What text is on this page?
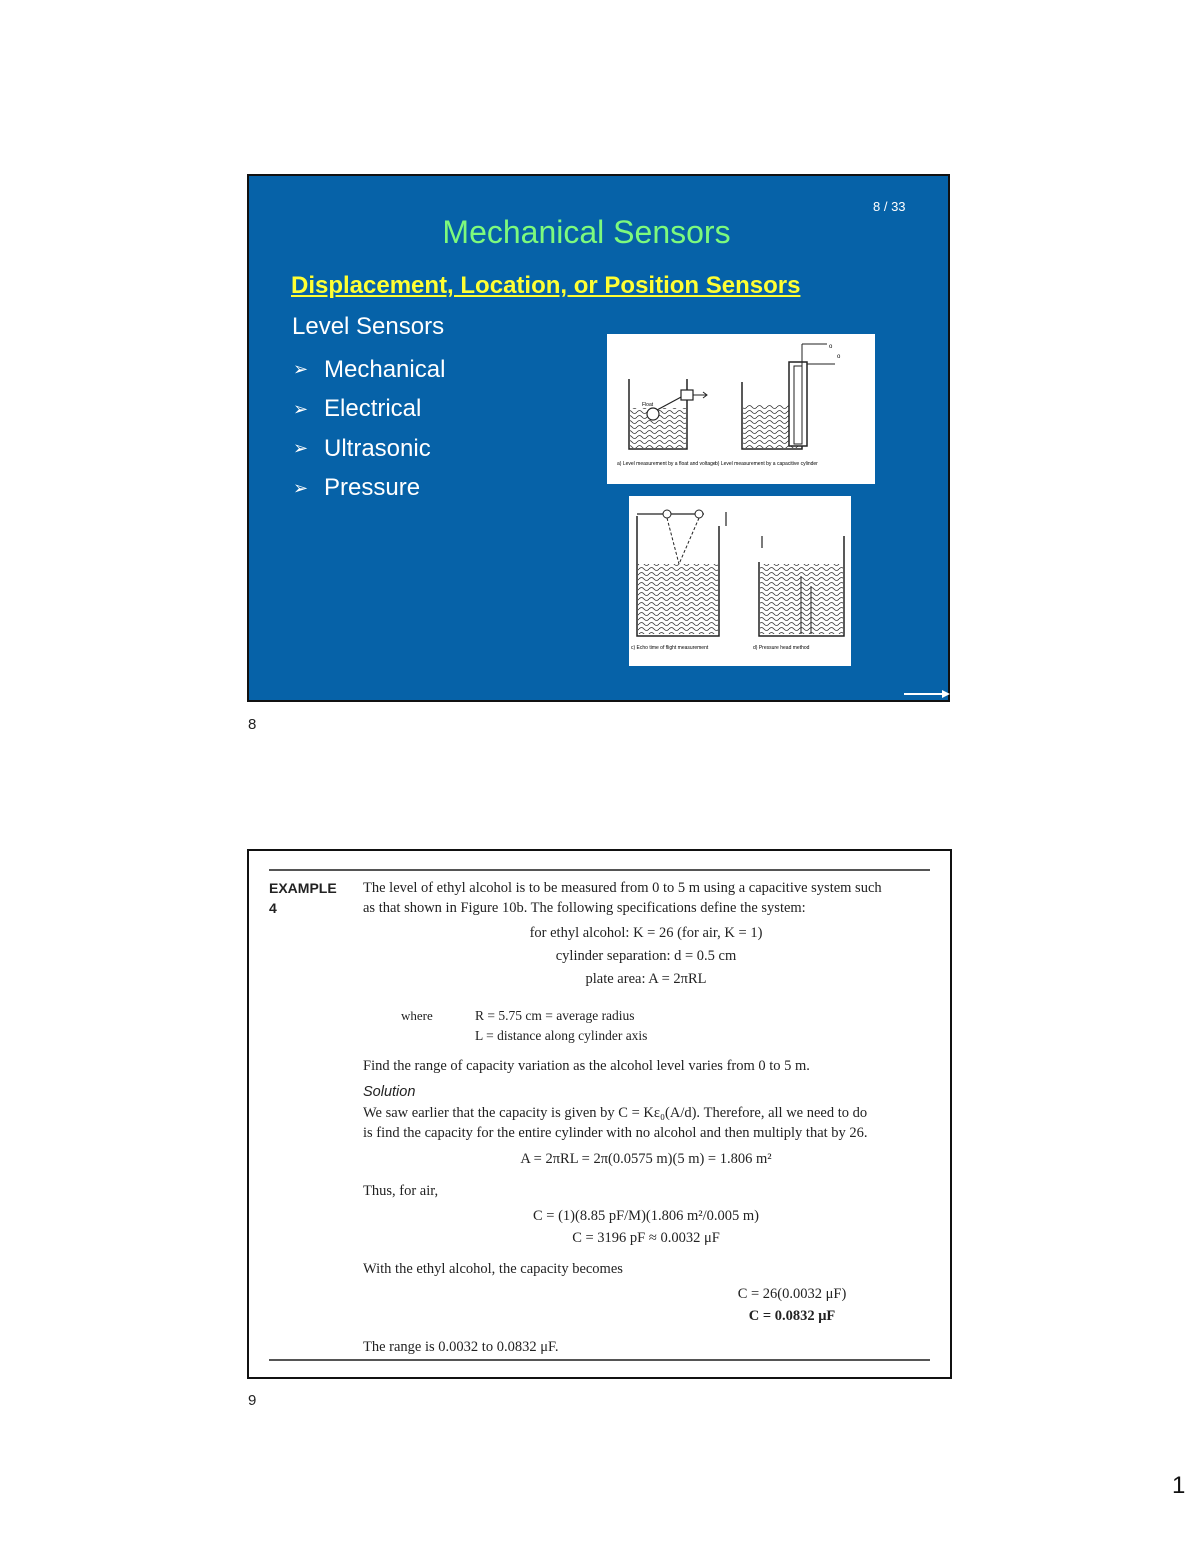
8 / 33
Mechanical Sensors
Displacement, Location, or Position Sensors
Level Sensors
➢ Mechanical
➢ Electrical
➢ Ultrasonic
➢ Pressure
Float
o
o
a) Level measurement by a float and voltage b) Level measurement by a capacitive cylinder
c) Echo time of flight measurement	d) Pressure head method
8
EXAMPLE
4
The level of ethyl alcohol is to be measured from 0 to 5 m using a capacitive system such
as that shown in Figure 10b. The following specifications define the system:
for ethyl alcohol: K = 26 (for air, K = 1)
cylinder separation: d = 0.5 cm
plate area: A = 2πRL
where	R = 5.75 cm = average radius
L = distance along cylinder axis
Find the range of capacity variation as the alcohol level varies from 0 to 5 m.
Solution
We saw earlier that the capacity is given by C = Kε₀(A/d). Therefore, all we need to do
is find the capacity for the entire cylinder with no alcohol and then multiply that by 26.
A = 2πRL = 2π(0.0575 m)(5 m) = 1.806 m²
Thus, for air,
C = (1)(8.85 pF/M)(1.806 m²/0.005 m)
C = 3196 pF ≈ 0.0032 μF
With the ethyl alcohol, the capacity becomes
C = 26(0.0032 μF)
C = 0.0832 μF
The range is 0.0032 to 0.0832 μF.
9
1
